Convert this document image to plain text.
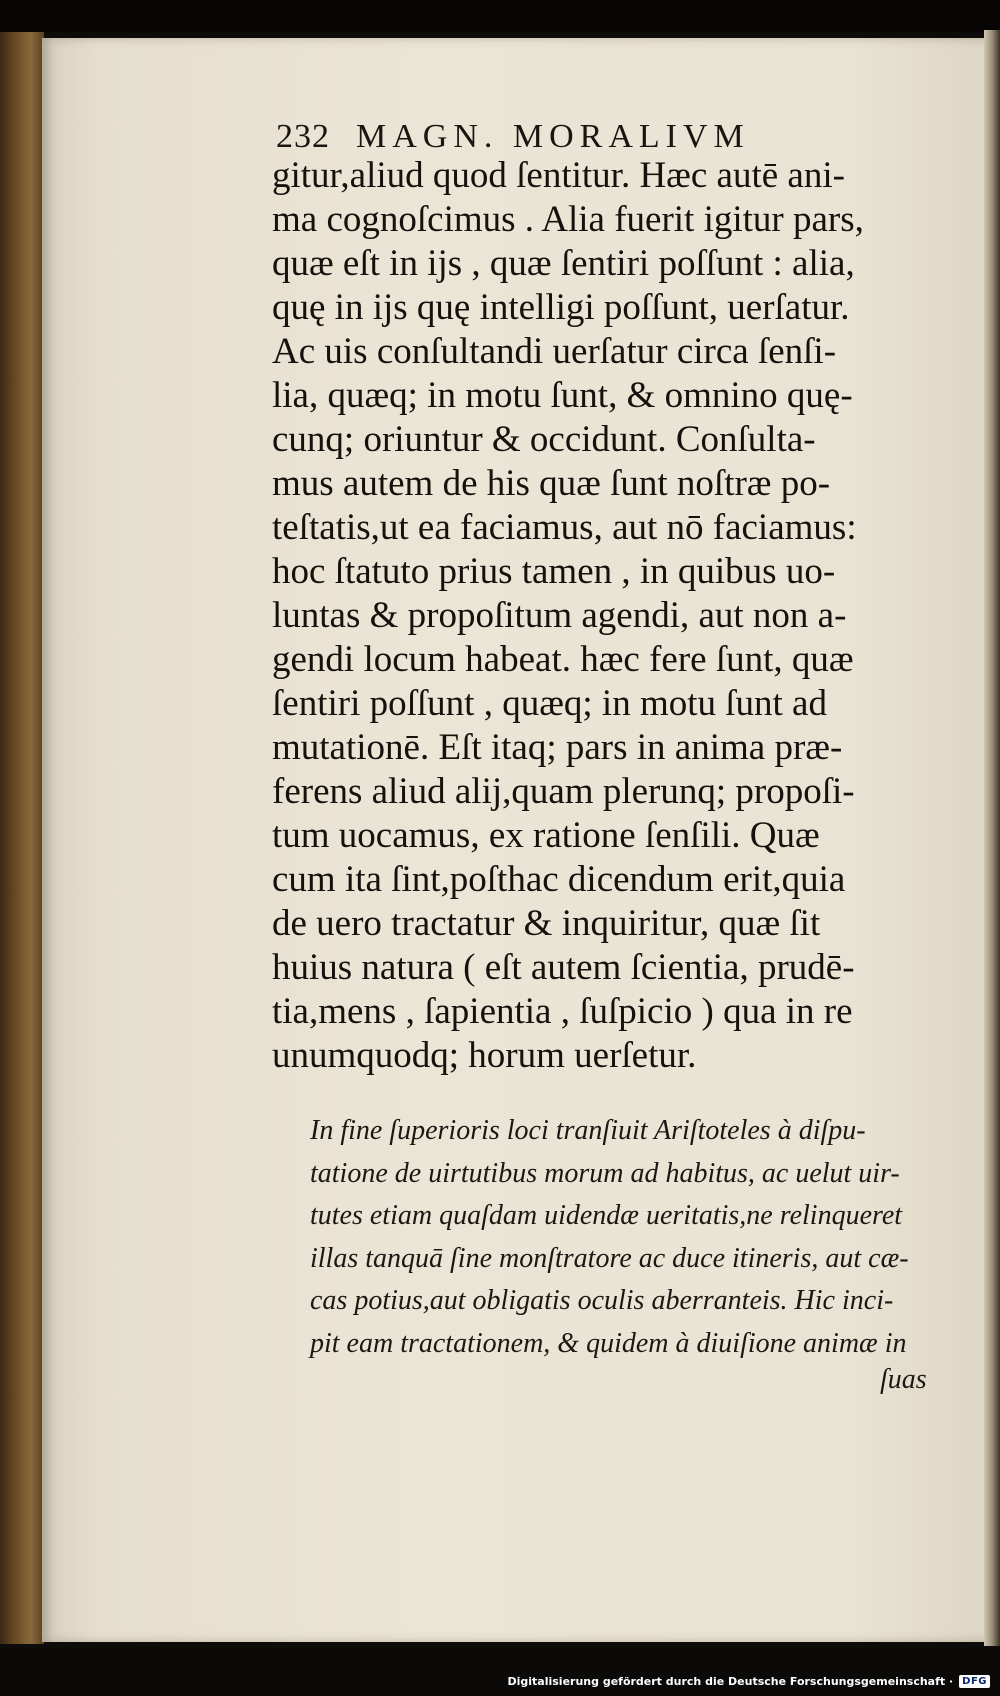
232 MAGN. MORALIVM
gitur,aliud quod ſentitur. Hæc autē ani-
ma cognoſcimus . Alia fuerit igitur pars,
quæ eſt in ijs , quæ ſentiri poſſunt : alia,
quę in ijs quę intelligi poſſunt, uerſatur.
Ac uis conſultandi uerſatur circa ſenſi-
lia, quæq; in motu ſunt, & omnino quę-
cunq; oriuntur & occidunt. Conſulta-
mus autem de his quæ ſunt noſtræ po-
teſtatis,ut ea faciamus, aut nō faciamus:
hoc ſtatuto prius tamen , in quibus uo-
luntas & propoſitum agendi, aut non a-
gendi locum habeat. hæc fere ſunt, quæ
ſentiri poſſunt , quæq; in motu ſunt ad
mutationē. Eſt itaq; pars in anima præ-
ferens aliud alij,quam plerunq; propoſi-
tum uocamus, ex ratione ſenſili. Quæ
cum ita ſint,poſthac dicendum erit,quia
de uero tractatur & inquiritur, quæ ſit
huius natura ( eſt autem ſcientia, prudē-
tia,mens , ſapientia , ſuſpicio ) qua in re
unumquodq; horum uerſetur.
In fine ſuperioris loci tranſiuit Ariſtoteles à diſpu-
tatione de uirtutibus morum ad habitus, ac uelut uir-
tutes etiam quaſdam uidendæ ueritatis,ne relinqueret
illas tanquā ſine monſtratore ac duce itineris, aut cæ-
cas potius,aut obligatis oculis aberranteis. Hic inci-
pit eam tractationem, & quidem à diuiſione animæ in
ſuas
Digitalisierung gefördert durch die Deutsche Forschungsgemeinschaft · DFG
